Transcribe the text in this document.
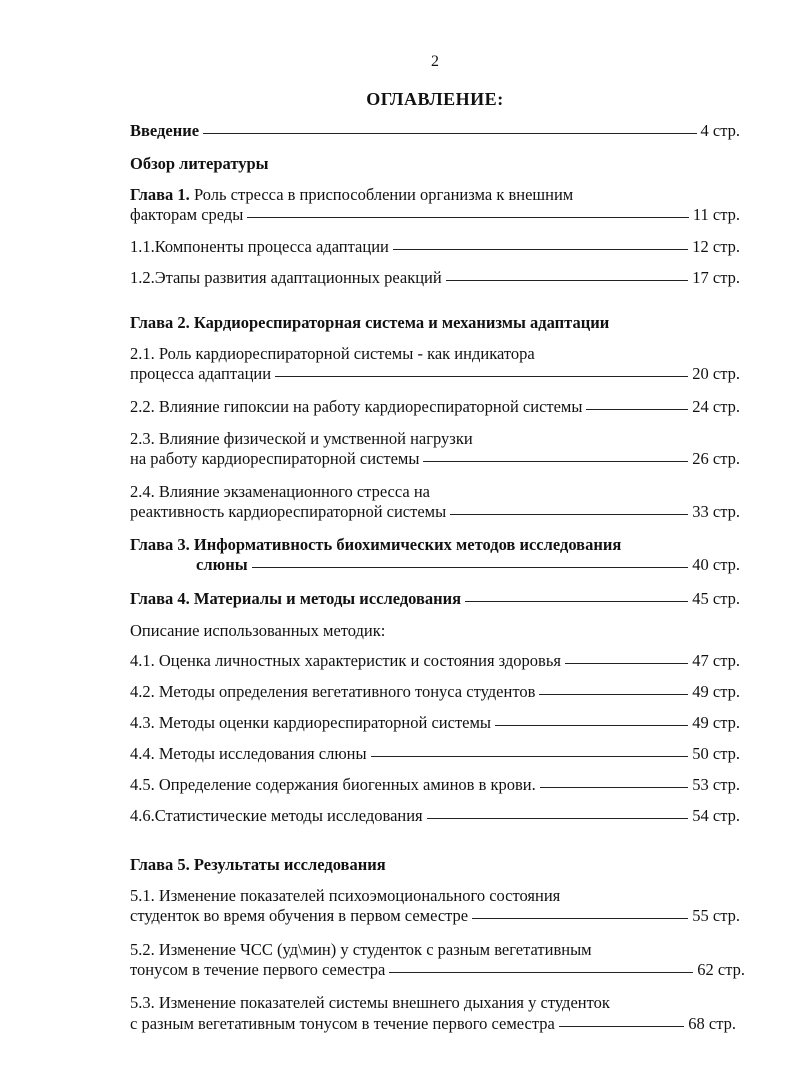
2
ОГЛАВЛЕНИЕ:
Введение	4 стр.
Обзор литературы
Глава 1. Роль стресса в приспособлении организма к внешним
факторам среды	11 стр.
1.1.Компоненты процесса адаптации	12 стр.
1.2.Этапы развития адаптационных реакций	17 стр.
Глава 2. Кардиореспираторная система и механизмы адаптации
2.1. Роль кардиореспираторной системы - как индикатора
процесса адаптации	20 стр.
2.2. Влияние гипоксии на работу кардиореспираторной системы	24 стр.
2.3. Влияние физической и умственной нагрузки
на работу кардиореспираторной системы	26 стр.
2.4. Влияние экзаменационного стресса на
реактивность кардиореспираторной системы	33 стр.
Глава 3. Информативность биохимических методов исследования
слюны	40 стр.
Глава 4. Материалы и методы исследования	45 стр.
Описание использованных методик:
4.1. Оценка личностных характеристик и состояния здоровья	47 стр.
4.2. Методы определения вегетативного тонуса студентов	49 стр.
4.3. Методы оценки кардиореспираторной системы	49 стр.
4.4. Методы исследования слюны	50 стр.
4.5. Определение содержания биогенных аминов в крови.	53 стр.
4.6.Статистические методы исследования	54 стр.
Глава 5. Результаты исследования
5.1. Изменение показателей психоэмоционального состояния
студенток во время обучения в первом семестре	55 стр.
5.2. Изменение ЧСС (уд\мин) у студенток с разным вегетативным
тонусом в течение первого семестра	62 стр.
5.3. Изменение показателей системы внешнего дыхания у студенток
с разным вегетативным тонусом в течение первого семестра	68 стр.
